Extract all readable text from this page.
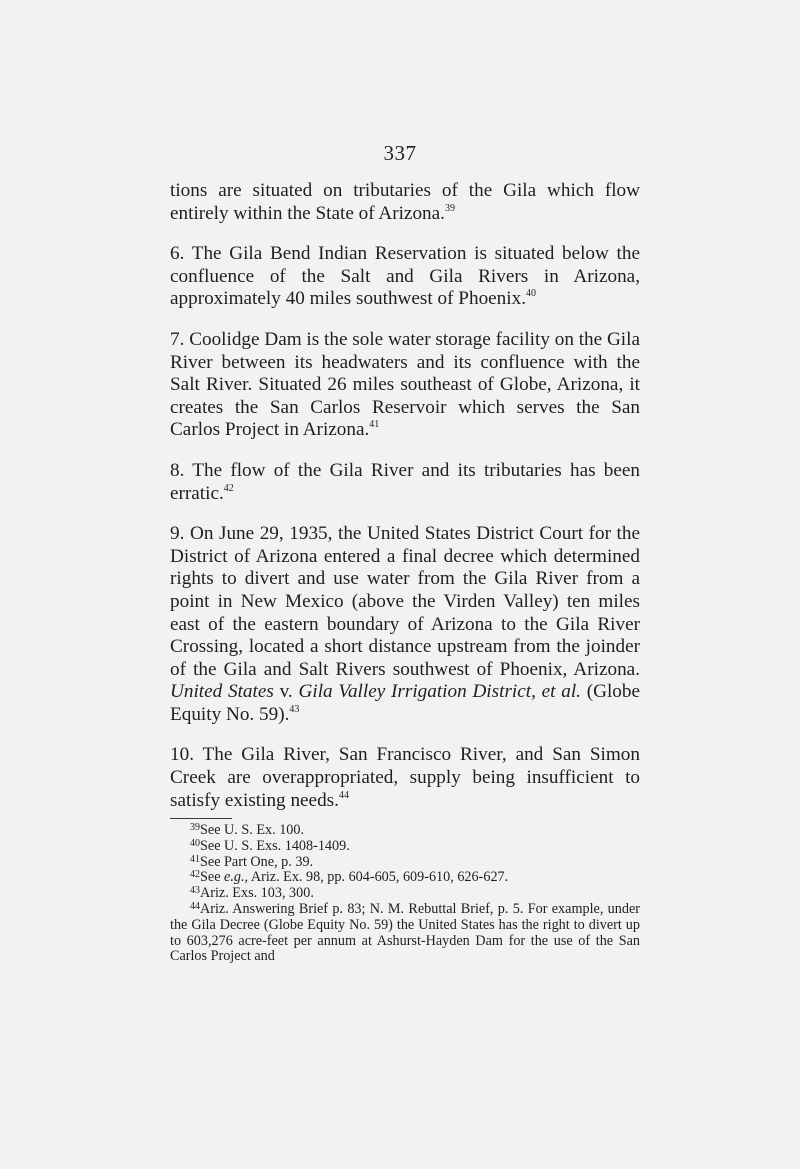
337

tions are situated on tributaries of the Gila which flow entirely within the State of Arizona.$^{39}$

6. The Gila Bend Indian Reservation is situated below the confluence of the Salt and Gila Rivers in Arizona, approximately 40 miles southwest of Phoenix.$^{40}$

7. Coolidge Dam is the sole water storage facility on the Gila River between its headwaters and its confluence with the Salt River. Situated 26 miles southeast of Globe, Arizona, it creates the San Carlos Reservoir which serves the San Carlos Project in Arizona.$^{41}$

8. The flow of the Gila River and its tributaries has been erratic.$^{42}$

9. On June 29, 1935, the United States District Court for the District of Arizona entered a final decree which determined rights to divert and use water from the Gila River from a point in New Mexico (above the Virden Valley) ten miles east of the eastern boundary of Arizona to the Gila River Crossing, located a short distance upstream from the joinder of the Gila and Salt Rivers southwest of Phoenix, Arizona. United States v. Gila Valley Irrigation District, et al. (Globe Equity No. 59).$^{43}$

10. The Gila River, San Francisco River, and San Simon Creek are overappropriated, supply being insufficient to satisfy existing needs.$^{44}$

$^{39}$See U. S. Ex. 100.

$^{40}$See U. S. Exs. 1408-1409.

$^{41}$See Part One, p. 39.

$^{42}$See e.g., Ariz. Ex. 98, pp. 604-605, 609-610, 626-627.

$^{43}$Ariz. Exs. 103, 300.

$^{44}$Ariz. Answering Brief p. 83; N. M. Rebuttal Brief, p. 5. For example, under the Gila Decree (Globe Equity No. 59) the United States has the right to divert up to 603,276 acre-feet per annum at Ashurst-Hayden Dam for the use of the San Carlos Project and
